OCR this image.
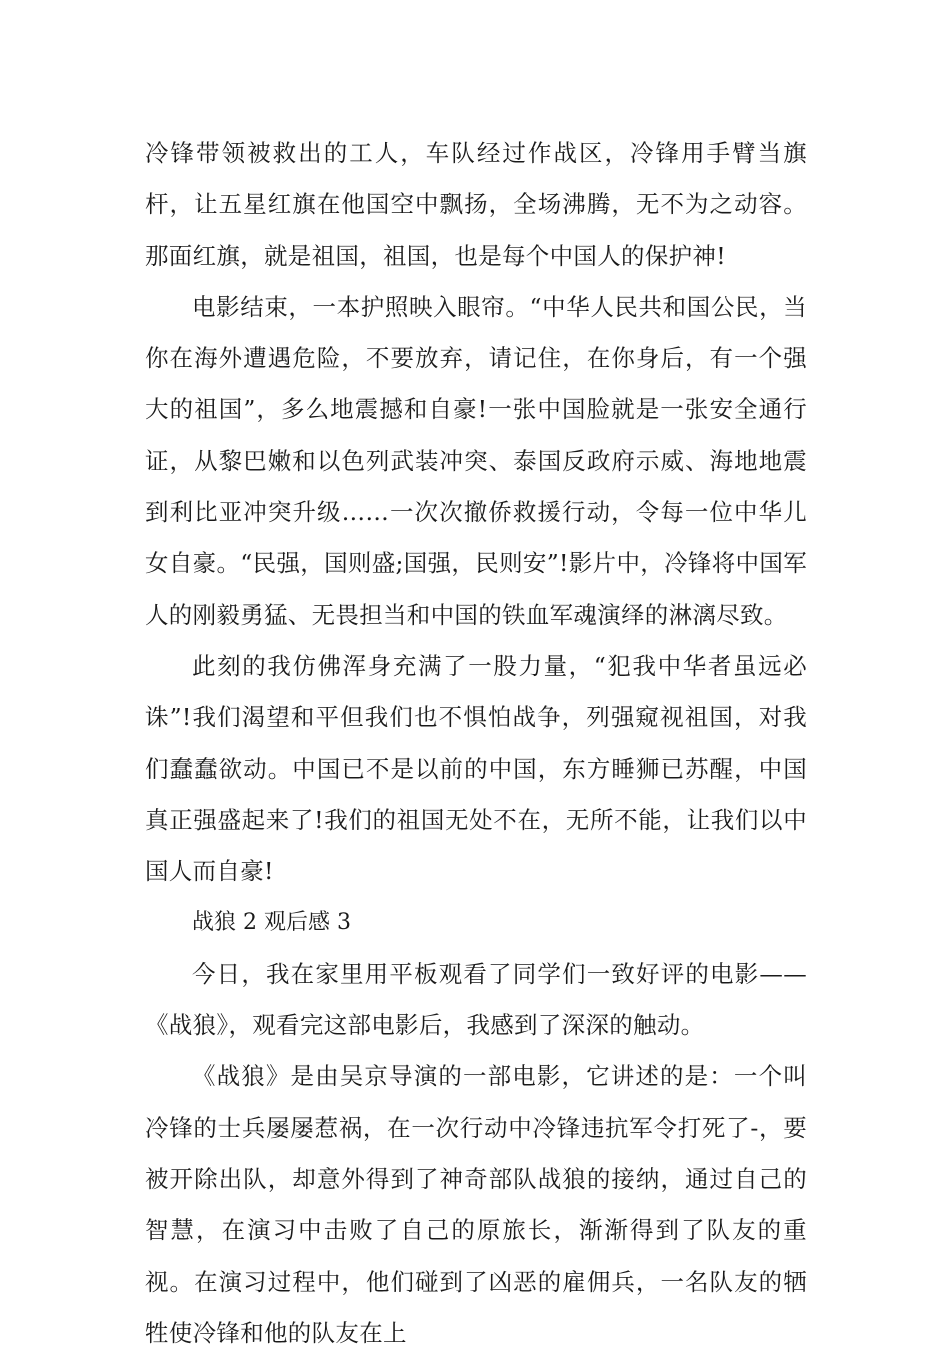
冷锋带领被救出的工人，车队经过作战区，冷锋用手臂当旗杆，让五星红旗在他国空中飘扬，全场沸腾，无不为之动容。那面红旗，就是祖国，祖国，也是每个中国人的保护神!

电影结束，一本护照映入眼帘。“中华人民共和国公民，当你在海外遭遇危险，不要放弃，请记住，在你身后，有一个强大的祖国”，多么地震撼和自豪!一张中国脸就是一张安全通行证，从黎巴嫩和以色列武装冲突、泰国反政府示威、海地地震到利比亚冲突升级……一次次撤侨救援行动，令每一位中华儿女自豪。“民强，国则盛;国强，民则安”!影片中，冷锋将中国军人的刚毅勇猛、无畏担当和中国的铁血军魂演绎的淋漓尽致。

此刻的我仿佛浑身充满了一股力量，“犯我中华者虽远必诛”!我们渴望和平但我们也不惧怕战争，列强窥视祖国，对我们蠢蠢欲动。中国已不是以前的中国，东方睡狮已苏醒，中国真正强盛起来了!我们的祖国无处不在，无所不能，让我们以中国人而自豪!

战狼 2 观后感 3

今日，我在家里用平板观看了同学们一致好评的电影——《战狼》，观看完这部电影后，我感到了深深的触动。

《战狼》是由吴京导演的一部电影，它讲述的是：一个叫冷锋的士兵屡屡惹祸，在一次行动中冷锋违抗军令打死了-，要被开除出队，却意外得到了神奇部队战狼的接纳，通过自己的智慧，在演习中击败了自己的原旅长，渐渐得到了队友的重视。在演习过程中，他们碰到了凶恶的雇佣兵，一名队友的牺牲使冷锋和他的队友在上
